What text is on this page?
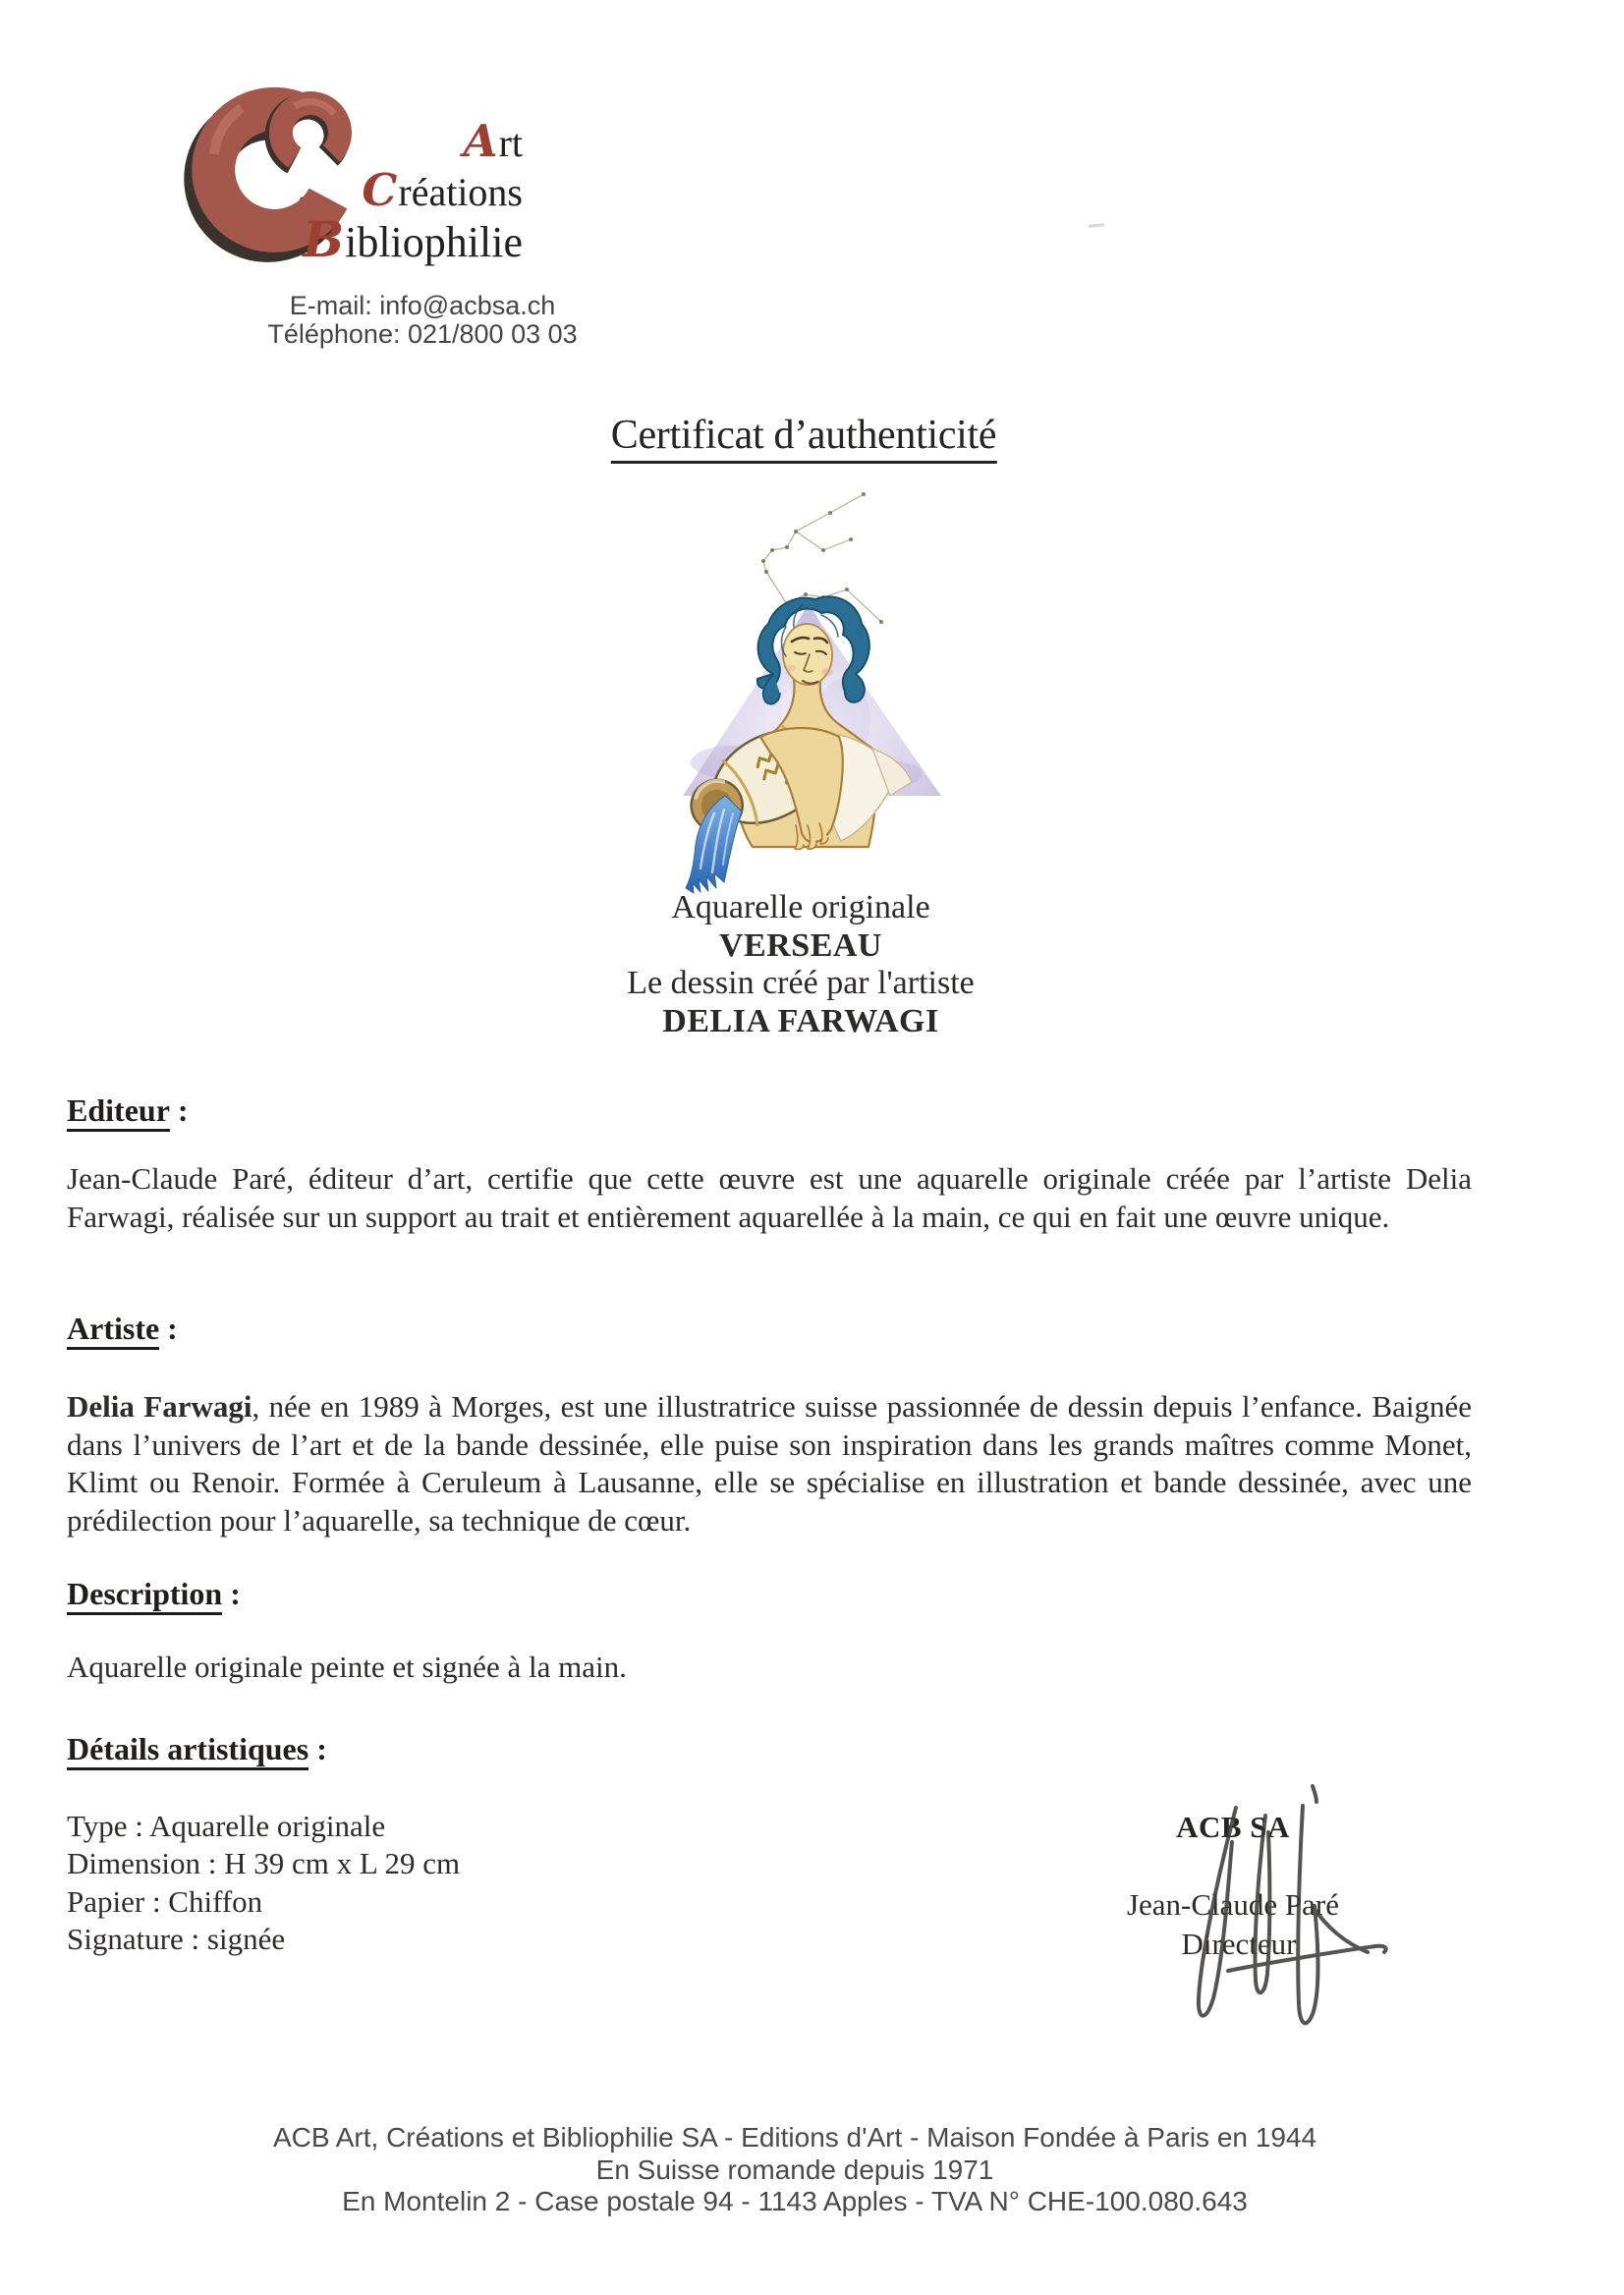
Art
Créations
Bibliophilie
E-mail: info@acbsa.ch
Téléphone: 021/800 03 03
Certificat d’authenticité
Aquarelle originale
VERSEAU
Le dessin créé par l'artiste
DELIA FARWAGI
Editeur :

Jean-Claude Paré, éditeur d’art, certifie que cette œuvre est une aquarelle originale créée par l’artiste Delia Farwagi, réalisée sur un support au trait et entièrement aquarellée à la main, ce qui en fait une œuvre unique.

Artiste :

Delia Farwagi, née en 1989 à Morges, est une illustratrice suisse passionnée de dessin depuis l’enfance. Baignée dans l’univers de l’art et de la bande dessinée, elle puise son inspiration dans les grands maîtres comme Monet, Klimt ou Renoir. Formée à Ceruleum à Lausanne, elle se spécialise en illustration et bande dessinée, avec une prédilection pour l’aquarelle, sa technique de cœur.

Description :

Aquarelle originale peinte et signée à la main.

Détails artistiques :
Type : Aquarelle originale
Dimension : H 39 cm x L 29 cm
Papier : Chiffon
Signature : signée
ACB SA
Jean-Claude Paré
Directeur
ACB Art, Créations et Bibliophilie SA - Editions d'Art - Maison Fondée à Paris en 1944
En Suisse romande depuis 1971
En Montelin 2 - Case postale 94 - 1143 Apples - TVA N° CHE-100.080.643
